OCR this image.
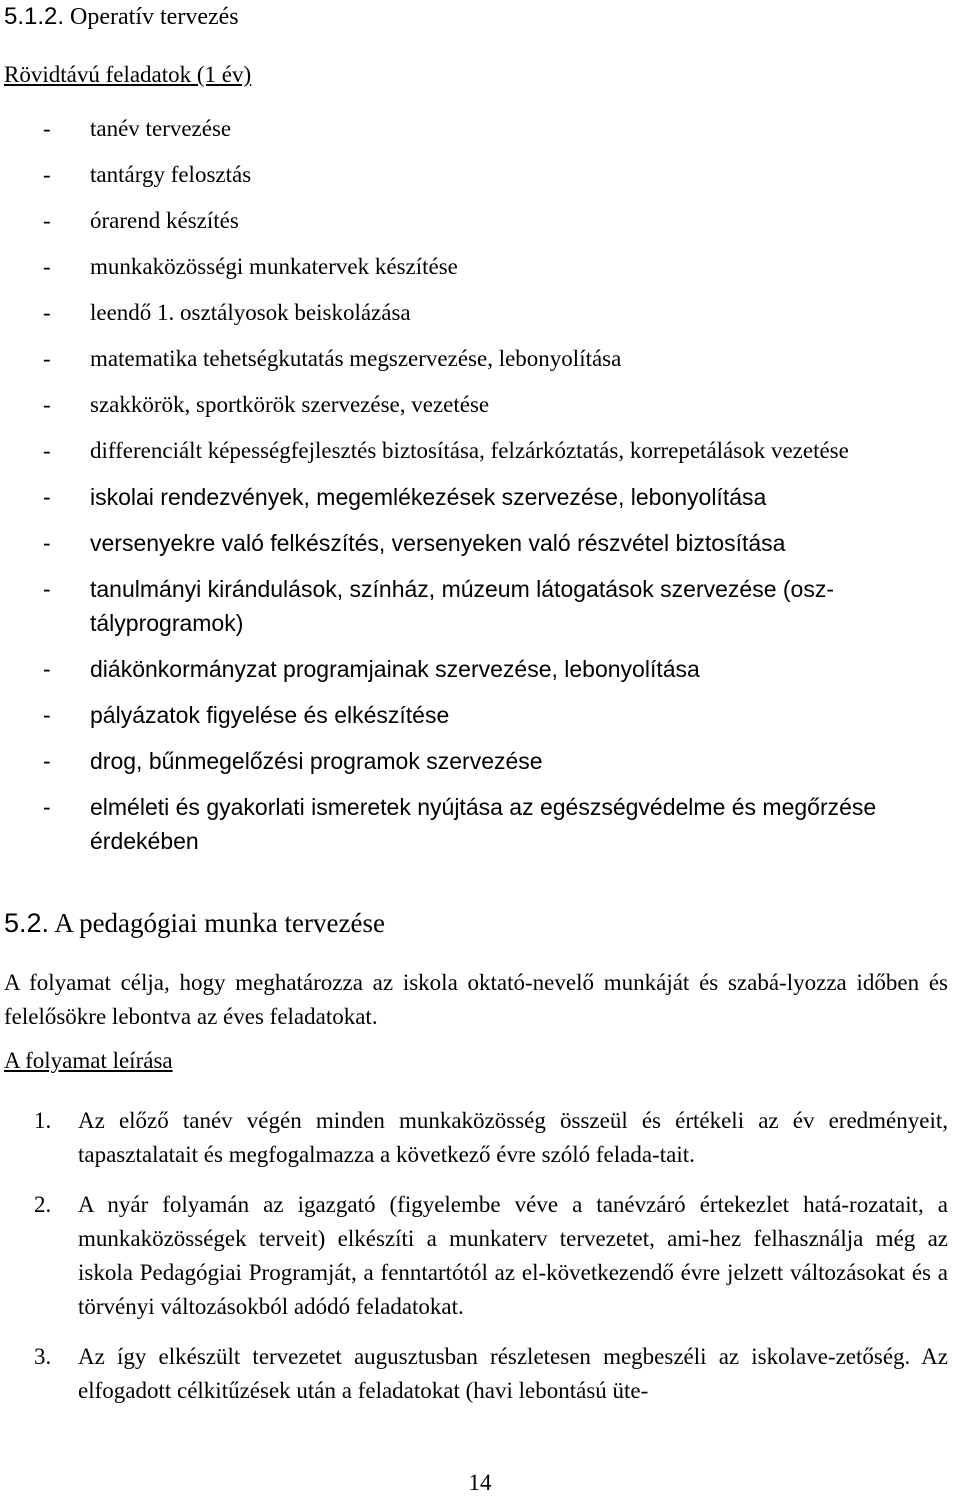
5.1.2. Operatív tervezés
Rövidtávú feladatok (1 év)
- tanév tervezése
- tantárgy felosztás
- órarend készítés
- munkaközösségi munkatervek készítése
- leendő 1. osztályosok beiskolázása
- matematika tehetségkutatás megszervezése, lebonyolítása
- szakkörök, sportkörök szervezése, vezetése
- differenciált képességfejlesztés biztosítása, felzárkóztatás, korrepetálások vezetése
- iskolai rendezvények, megemlékezések szervezése, lebonyolítása
- versenyekre való felkészítés, versenyeken való részvétel biztosítása
- tanulmányi kirándulások, színház, múzeum látogatások szervezése (osz-tályprogramok)
- diákönkormányzat programjainak szervezése, lebonyolítása
- pályázatok figyelése és elkészítése
- drog, bűnmegelőzési programok szervezése
- elméleti és gyakorlati ismeretek nyújtása az egészségvédelme és megőrzése érdekében
5.2. A pedagógiai munka tervezése

A folyamat célja, hogy meghatározza az iskola oktató-nevelő munkáját és szabá-lyozza időben és felelősökre lebontva az éves feladatokat.

A folyamat leírása
1. Az előző tanév végén minden munkaközösség összeül és értékeli az év eredményeit, tapasztalatait és megfogalmazza a következő évre szóló felada-tait.
2. A nyár folyamán az igazgató (figyelembe véve a tanévzáró értekezlet hatá-rozatait, a munkaközösségek terveit) elkészíti a munkaterv tervezetet, ami-hez felhasználja még az iskola Pedagógiai Programját, a fenntartótól az el-következendő évre jelzett változásokat és a törvényi változásokból adódó feladatokat.
3. Az így elkészült tervezetet augusztusban részletesen megbeszéli az iskolave-zetőség. Az elfogadott célkitűzések után a feladatokat (havi lebontású üte-
14
